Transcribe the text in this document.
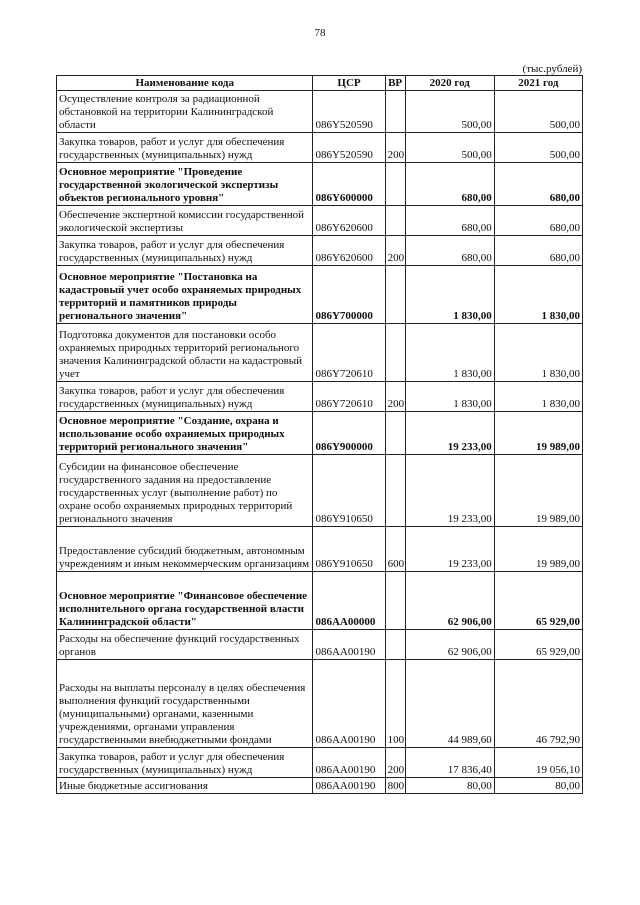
78
(тыс.рублей)
Наименование кода	ЦСР	ВР	2020 год	2021 год
Осуществление контроля за радиационной обстановкой на территории Калининградской области	086Y520590		500,00	500,00
Закупка товаров, работ и услуг для обеспечения государственных (муниципальных) нужд	086Y520590	200	500,00	500,00
Основное мероприятие "Проведение государственной экологической экспертизы объектов регионального уровня"	086Y600000		680,00	680,00
Обеспечение экспертной комиссии государственной экологической экспертизы	086Y620600		680,00	680,00
Закупка товаров, работ и услуг для обеспечения государственных (муниципальных) нужд	086Y620600	200	680,00	680,00
Основное мероприятие "Постановка на кадастровый учет особо охраняемых природных территорий и памятников природы регионального значения"	086Y700000		1 830,00	1 830,00
Подготовка документов для постановки особо охраняемых природных территорий регионального значения Калининградской области на кадастровый учет	086Y720610		1 830,00	1 830,00
Закупка товаров, работ и услуг для обеспечения государственных (муниципальных) нужд	086Y720610	200	1 830,00	1 830,00
Основное мероприятие "Создание, охрана и использование особо охраняемых природных территорий регионального значения"	086Y900000		19 233,00	19 989,00
Субсидии на финансовое обеспечение государственного задания на предоставление государственных услуг (выполнение работ) по охране особо охраняемых природных территорий регионального значения	086Y910650		19 233,00	19 989,00
Предоставление субсидий бюджетным, автономным учреждениям и иным некоммерческим организациям	086Y910650	600	19 233,00	19 989,00
Основное мероприятие "Финансовое обеспечение исполнительного органа государственной власти Калининградской области"	086AA00000		62 906,00	65 929,00
Расходы на обеспечение функций государственных органов	086AA00190		62 906,00	65 929,00
Расходы на выплаты персоналу в целях обеспечения выполнения функций государственными (муниципальными) органами, казенными учреждениями, органами управления государственными внебюджетными фондами	086AA00190	100	44 989,60	46 792,90
Закупка товаров, работ и услуг для обеспечения государственных (муниципальных) нужд	086AA00190	200	17 836,40	19 056,10
Иные бюджетные ассигнования	086AA00190	800	80,00	80,00
